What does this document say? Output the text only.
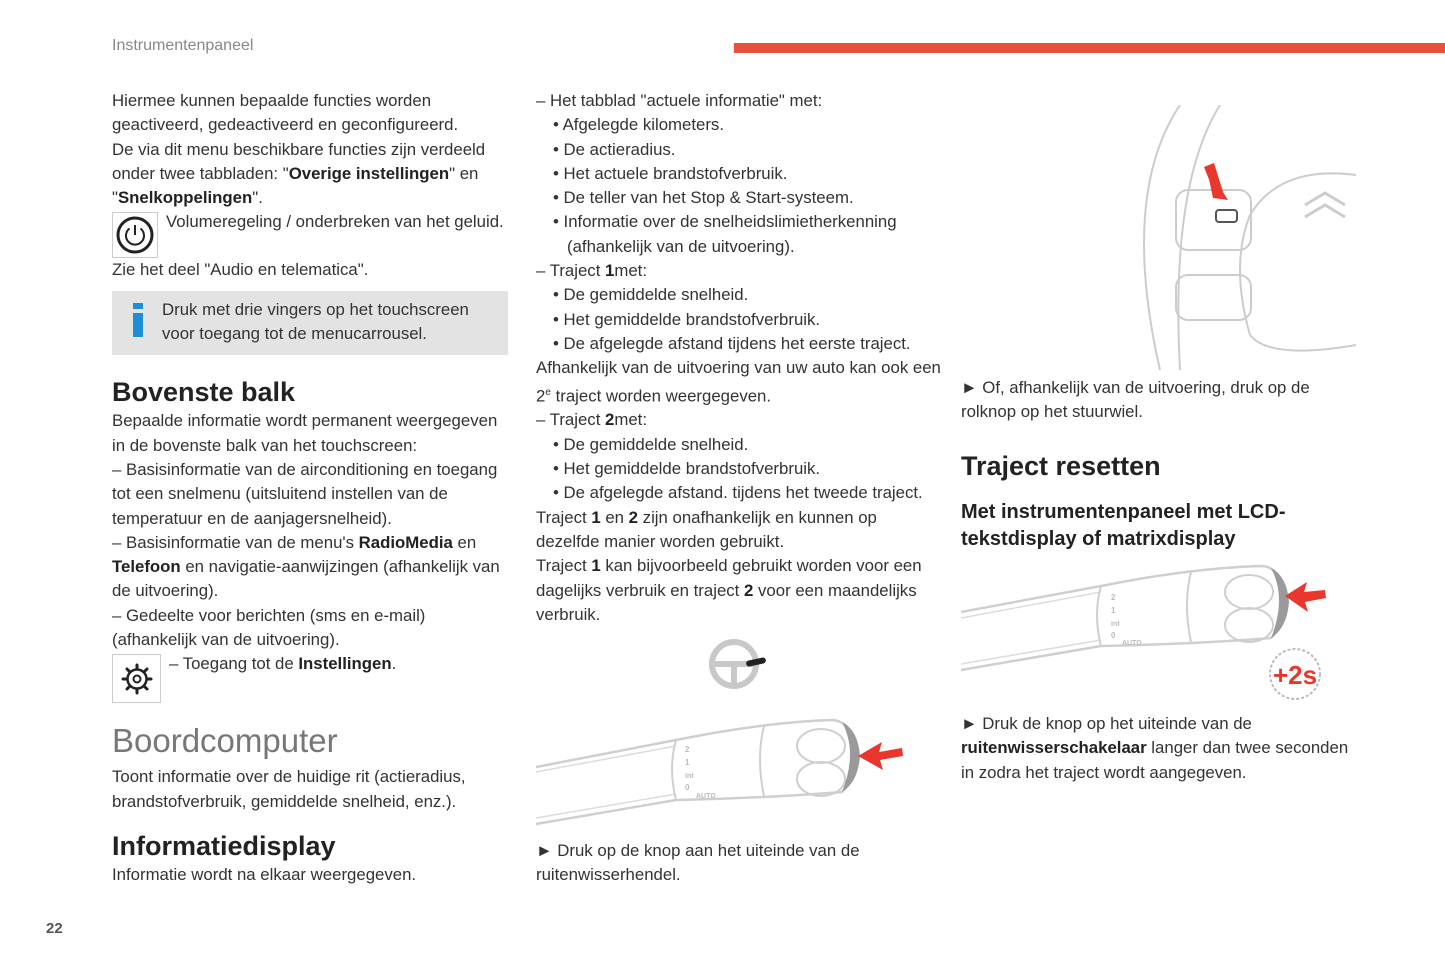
Instrumentenpaneel
22

Hiermee kunnen bepaalde functies worden geactiveerd, gedeactiveerd en geconfigureerd.

De via dit menu beschikbare functies zijn verdeeld onder twee tabbladen: "Overige instellingen" en "Snelkoppelingen".

Volumeregeling / onderbreken van het geluid.

Zie het deel "Audio en telematica".

Druk met drie vingers op het touchscreen voor toegang tot de menucarrousel.

Bovenste balk

Bepaalde informatie wordt permanent weergegeven in de bovenste balk van het touchscreen:

– Basisinformatie van de airconditioning en toegang tot een snelmenu (uitsluitend instellen van de temperatuur en de aanjagersnelheid).

– Basisinformatie van de menu's RadioMedia en Telefoon en navigatie-aanwijzingen (afhankelijk van de uitvoering).

– Gedeelte voor berichten (sms en e-mail) (afhankelijk van de uitvoering).

– Toegang tot de Instellingen.

Boordcomputer

Toont informatie over de huidige rit (actieradius, brandstofverbruik, gemiddelde snelheid, enz.).

Informatiedisplay

Informatie wordt na elkaar weergegeven.

– Het tabblad "actuele informatie" met:

• Afgelegde kilometers.

• De actieradius.

• Het actuele brandstofverbruik.

• De teller van het Stop & Start-systeem.

• Informatie over de snelheidslimietherkenning (afhankelijk van de uitvoering).

– Traject 1met:

• De gemiddelde snelheid.

• Het gemiddelde brandstofverbruik.

• De afgelegde afstand tijdens het eerste traject.

Afhankelijk van de uitvoering van uw auto kan ook een 2e traject worden weergegeven.

– Traject 2met:

• De gemiddelde snelheid.

• Het gemiddelde brandstofverbruik.

• De afgelegde afstand. tijdens het tweede traject.

Traject 1 en 2 zijn onafhankelijk en kunnen op dezelfde manier worden gebruikt.

Traject 1 kan bijvoorbeeld gebruikt worden voor een dagelijks verbruik en traject 2 voor een maandelijks verbruik.

2
1
Int
0
AUTO

► Druk op de knop aan het uiteinde van de ruitenwisserhendel.

► Of, afhankelijk van de uitvoering, druk op de rolknop op het stuurwiel.

Traject resetten

Met instrumentenpaneel met LCD-tekstdisplay of matrixdisplay

2
1
Int
0
AUTO
+2s

► Druk de knop op het uiteinde van de ruitenwisserschakelaar langer dan twee seconden in zodra het traject wordt aangegeven.
